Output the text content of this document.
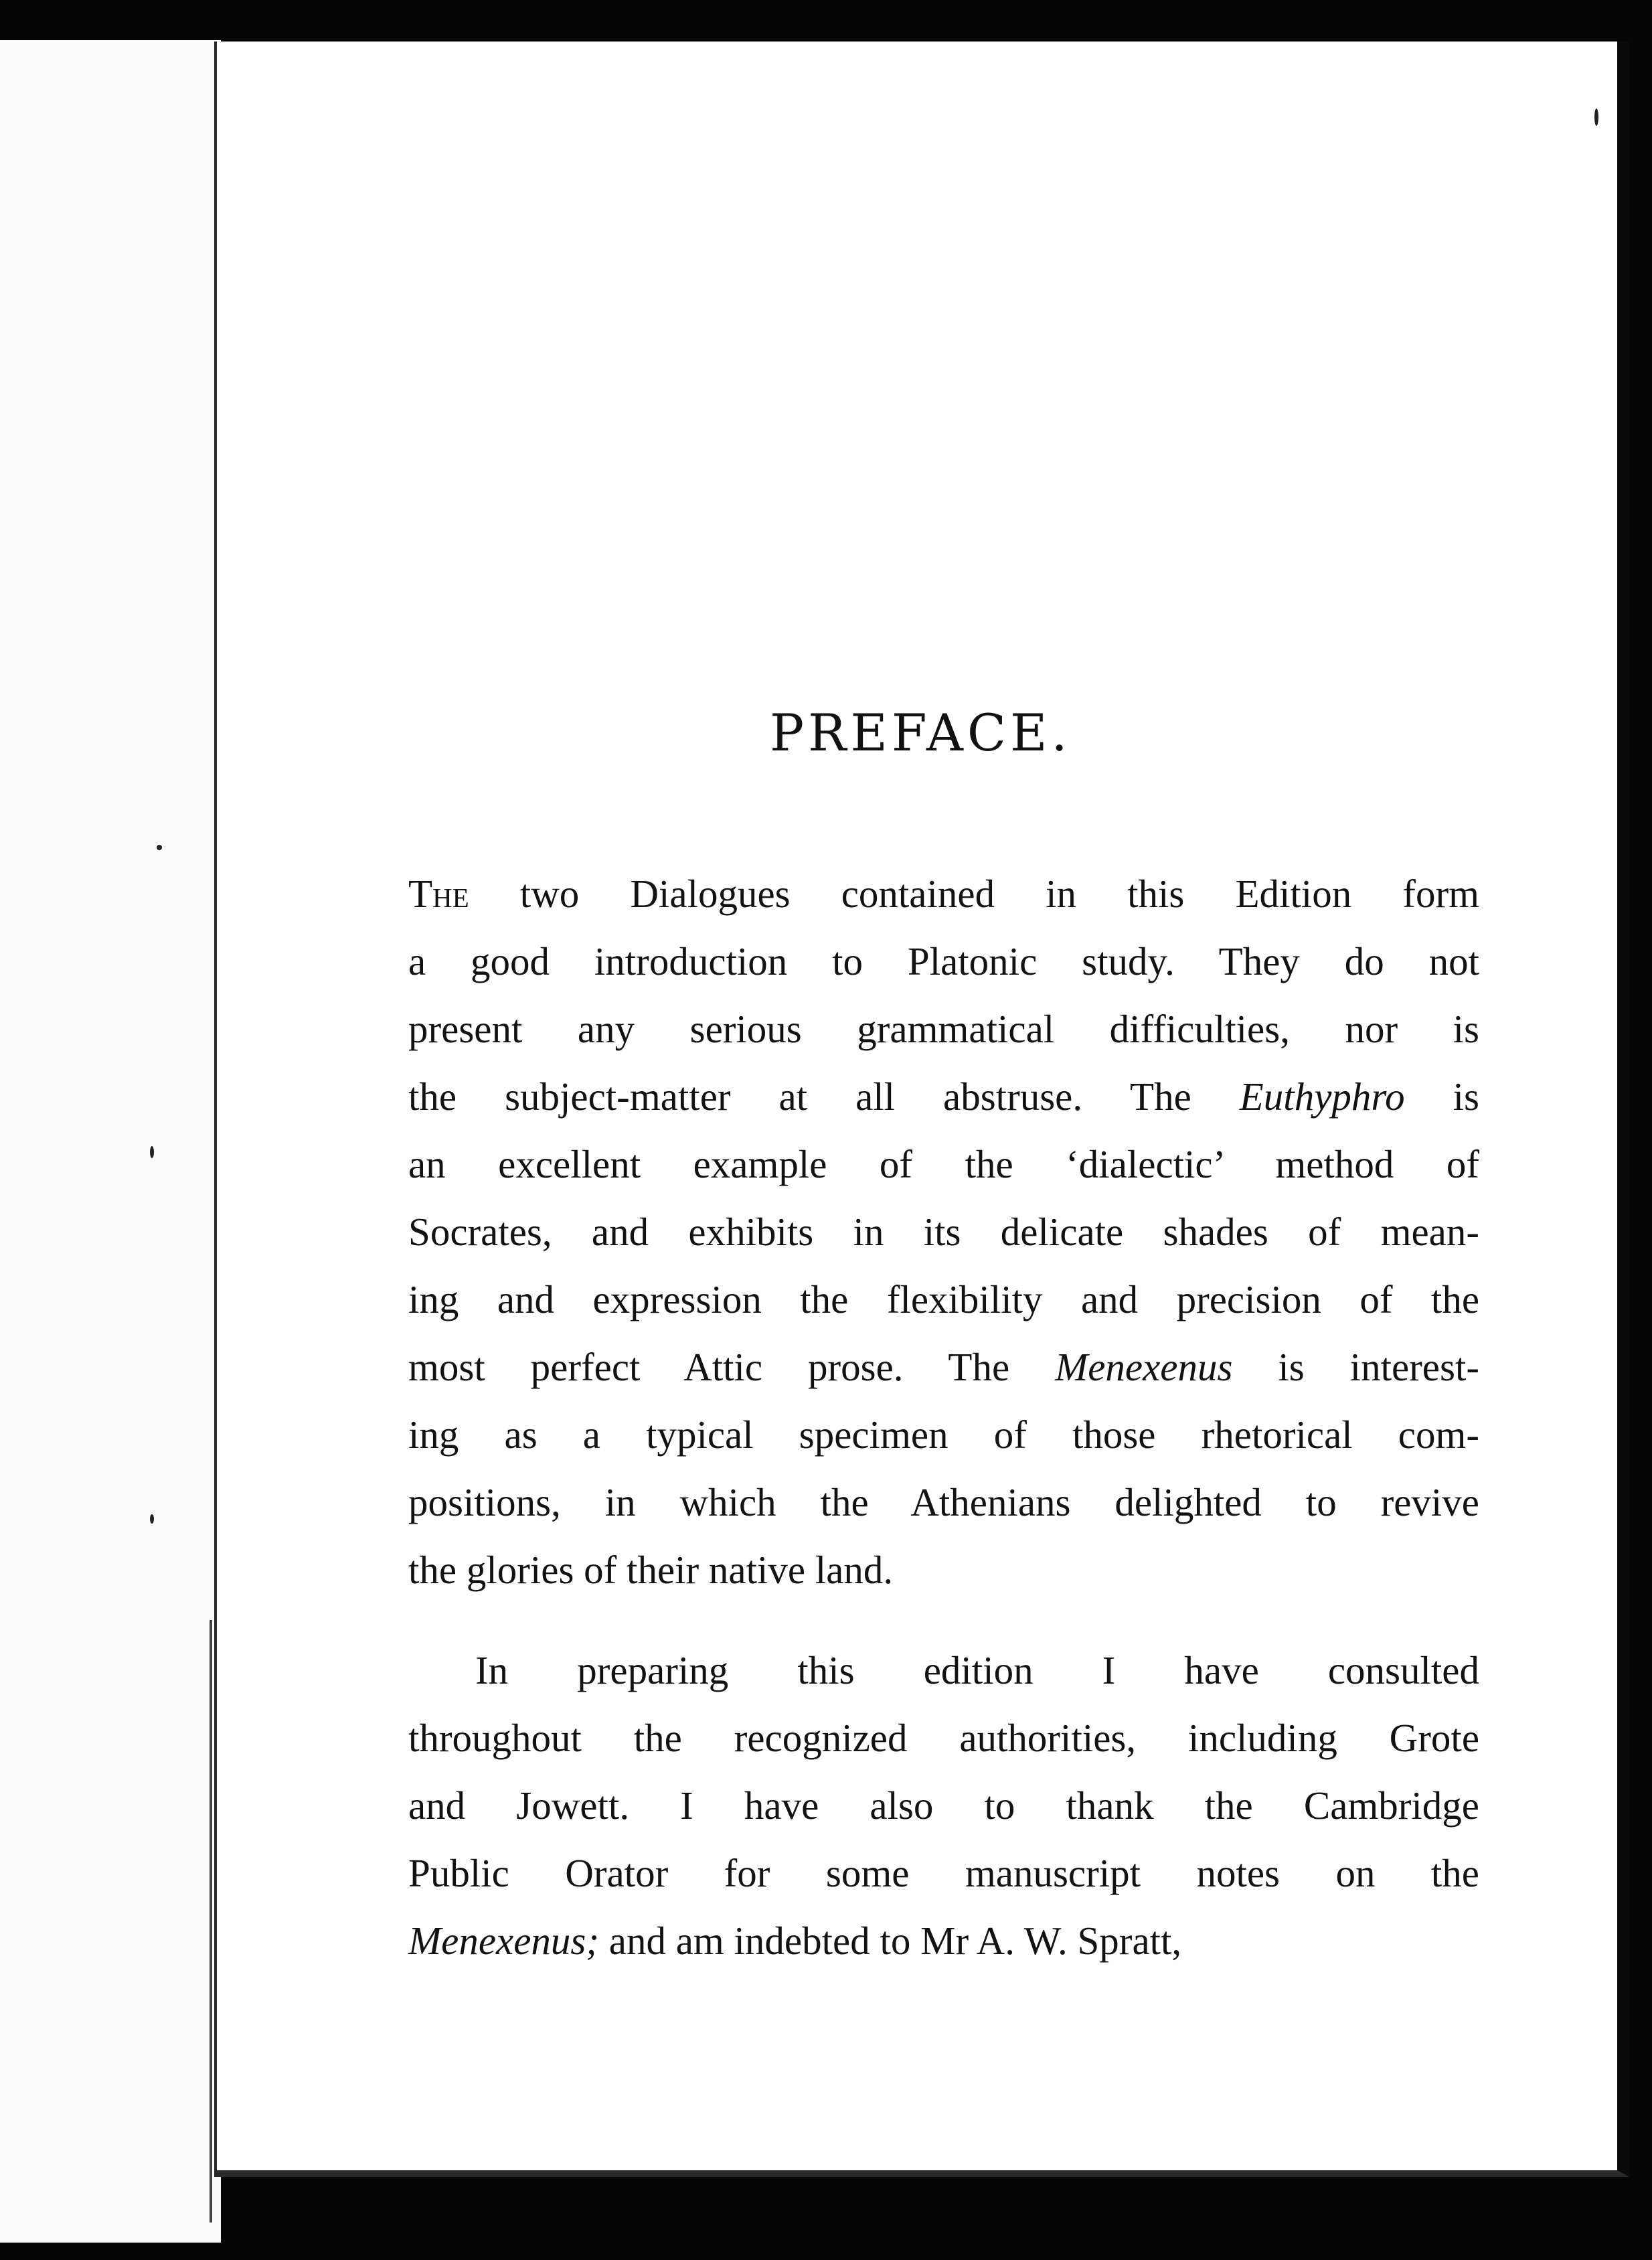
PREFACE.
The two Dialogues contained in this Edition form
a good introduction to Platonic study. They do not
present any serious grammatical difficulties, nor is
the subject-matter at all abstruse. The Euthyphro is
an excellent example of the ‘dialectic’ method of
Socrates, and exhibits in its delicate shades of mean-
ing and expression the flexibility and precision of the
most perfect Attic prose. The Menexenus is interest-
ing as a typical specimen of those rhetorical com-
positions, in which the Athenians delighted to revive
the glories of their native land.
In preparing this edition I have consulted
throughout the recognized authorities, including Grote
and Jowett. I have also to thank the Cambridge
Public Orator for some manuscript notes on the
Menexenus; and am indebted to Mr A. W. Spratt,
